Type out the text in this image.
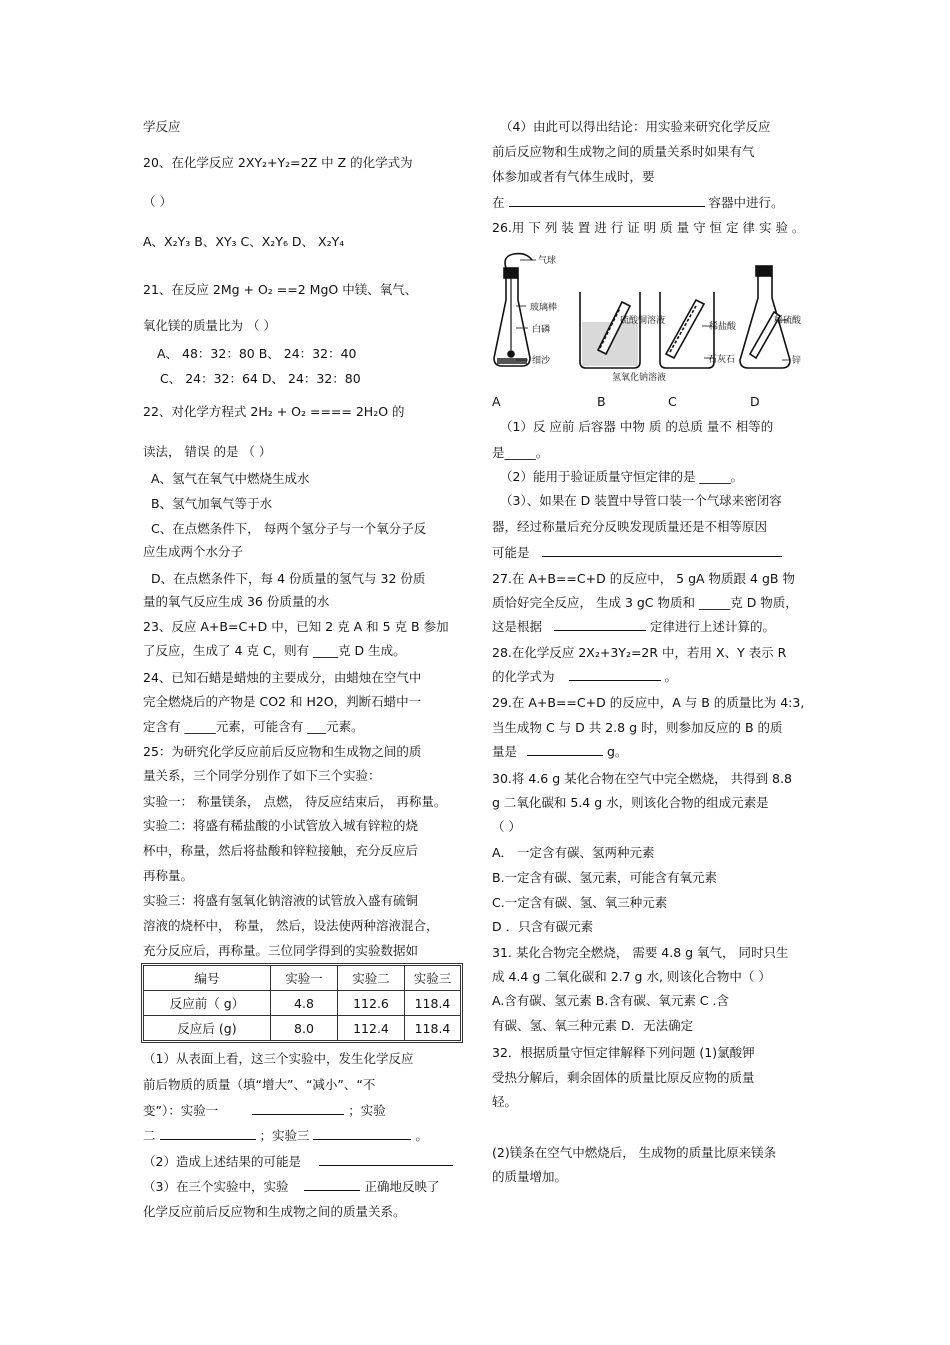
学反应
20、在化学反应 2XY₂+Y₂=2Z 中 Z 的化学式为
（ ）
A、X₂Y₃ B、XY₃ C、X₂Y₆ D、 X₂Y₄
21、在反应 2Mg + O₂ ==2 MgO 中镁、氧气、
氧化镁的质量比为 （ ）
A、 48：32：80 B、 24：32：40
C、 24：32：64 D、 24：32：80
22、对化学方程式 2H₂ + O₂ ==== 2H₂O 的
读法， 错误 的是 （ ）
A、氢气在氧气中燃烧生成水
B、氢气加氧气等于水
C、在点燃条件下， 每两个氢分子与一个氧分子反
应生成两个水分子
D、在点燃条件下，每 4 份质量的氢气与 32 份质
量的氧气反应生成 36 份质量的水
23、反应 A+B=C+D 中，已知 2 克 A 和 5 克 B 参加
了反应，生成了 4 克 C，则有 ____克 D 生成。
24、已知石蜡是蜡烛的主要成分，由蜡烛在空气中
完全燃烧后的产物是 CO2 和 H2O，判断石蜡中一
定含有 _____元素，可能含有 ___元素。
25：为研究化学反应前后反应物和生成物之间的质
量关系，三个同学分别作了如下三个实验：
实验一： 称量镁条， 点燃， 待反应结束后， 再称量。
实验二：将盛有稀盐酸的小试管放入城有锌粒的烧
杯中，称量，然后将盐酸和锌粒接触，充分反应后
再称量。
实验三：将盛有氢氧化钠溶液的试管放入盛有硫铜
溶液的烧杯中， 称量， 然后，设法使两种溶液混合，
充分反应后，再称量。三位同学得到的实验数据如
（1）从表面上看，这三个实验中，发生化学反应
前后物质的质量（填“增大”、“减小”、“不
变”）：实验一	；实验
二	；实验三	。
（2）造成上述结果的可能是
（3）在三个实验中，实验	正确地反映了
化学反应前后反应物和生成物之间的质量关系。
编号	实验一	实验二	实验三
反应前（ g）	4.8	112.6	118.4
反应后 (g)	8.0	112.4	118.4
（4）由此可以得出结论：用实验来研究化学反应
前后反应物和生成物之间的质量关系时如果有气
体参加或者有气体生成时，要
在	容器中进行。
26.用 下 列 装 置 进 行 证 明 质 量 守 恒 定 律 实 验 。
（1）反 应前 后容器 中物 质 的总质 量不 相等的
是_____。
（2）能用于验证质量守恒定律的是 _____。
（3）、如果在 D 装置中导管口装一个气球来密闭容
器，经过称量后充分反映发现质量还是不相等原因
可能是
27.在 A+B==C+D 的反应中， 5 gA 物质跟 4 gB 物
质恰好完全反应， 生成 3 gC 物质和 _____克 D 物质，
这是根据	定律进行上述计算的。
28.在化学反应 2X₂+3Y₂=2R 中，若用 X、Y 表示 R
的化学式为	。
29.在 A+B==C+D 的反应中，A 与 B 的质量比为 4:3,
当生成物 C 与 D 共 2.8 g 时，则参加反应的 B 的质
量是	g。
30.将 4.6 g 某化合物在空气中完全燃烧， 共得到 8.8
g 二氧化碳和 5.4 g 水，则该化合物的组成元素是
（ ）
A． 一定含有碳、氢两种元素
B.一定含有碳、氢元素，可能含有氧元素
C.一定含有碳、氢、氧三种元素
D ．只含有碳元素
31. 某化合物完全燃烧， 需要 4.8 g 氧气， 同时只生
成 4.4 g 二氧化碳和 2.7 g 水, 则该化合物中（ ）
A.含有碳、氢元素 B.含有碳、氧元素 C .含
有碳、氢、氧三种元素 D．无法确定
32．根据质量守恒定律解释下列问题 (1)氯酸钾
受热分解后，剩余固体的质量比原反应物的质量
轻。
(2)镁条在空气中燃烧后， 生成物的质量比原来镁条
的质量增加。
气球
玻璃棒
白磷
细沙
硫酸铜溶液
氢氧化钠溶液
稀盐酸
石灰石
稀硫酸
锌
A	B	C	D
